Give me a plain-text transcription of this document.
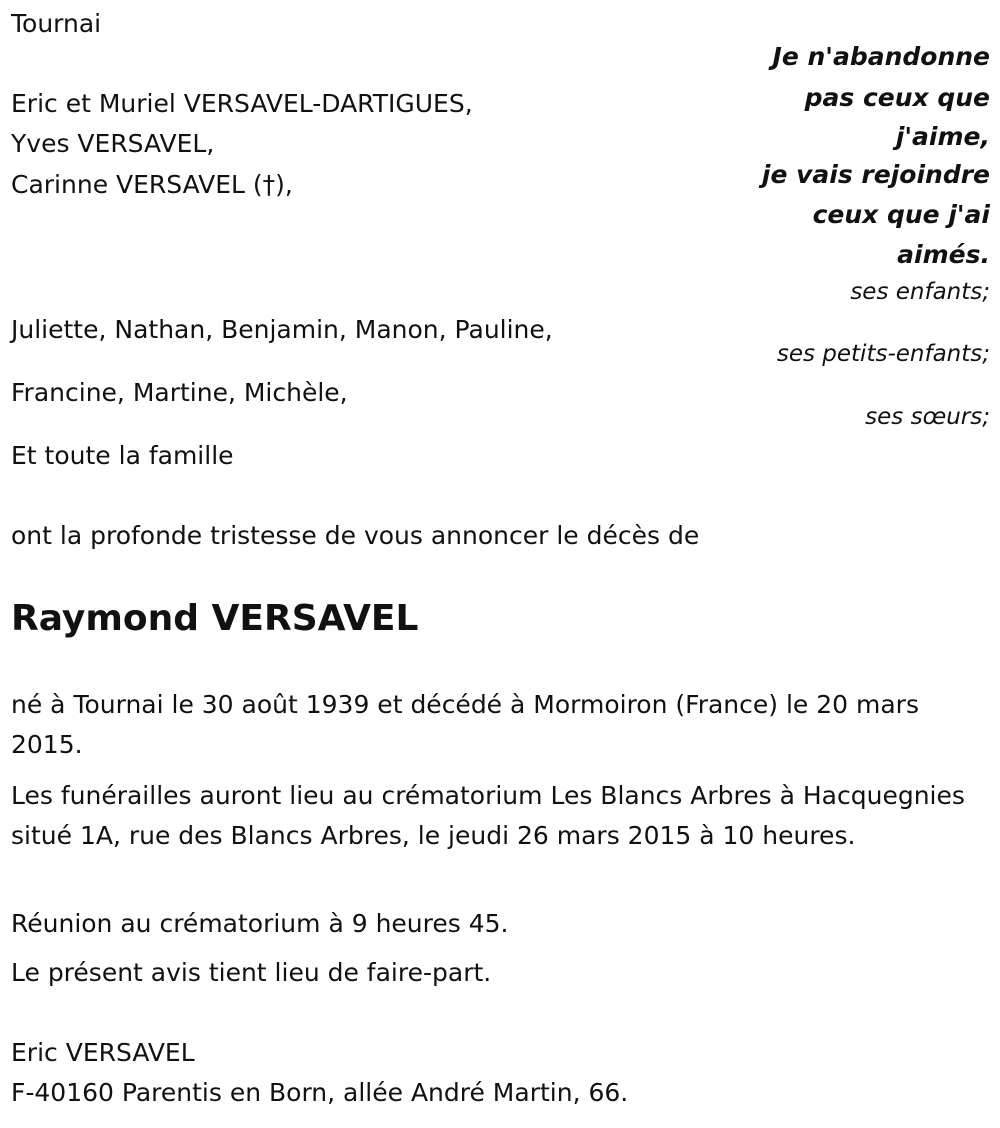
Tournai
Je n'abandonne
pas ceux que
j'aime,
je vais rejoindre
ceux que j'ai
aimés.
Eric et Muriel VERSAVEL-DARTIGUES,
Yves VERSAVEL,
Carinne VERSAVEL (†),
ses enfants;
Juliette, Nathan, Benjamin, Manon, Pauline,
ses petits-enfants;
Francine, Martine, Michèle,
ses sœurs;
Et toute la famille
ont la profonde tristesse de vous annoncer le décès de
Raymond VERSAVEL
né à Tournai le 30 août 1939 et décédé à Mormoiron (France) le 20 mars 2015.
Les funérailles auront lieu au crématorium Les Blancs Arbres à Hacquegnies situé 1A, rue des Blancs Arbres, le jeudi 26 mars 2015 à 10 heures.
Réunion au crématorium à 9 heures 45.
Le présent avis tient lieu de faire-part.
Eric VERSAVEL
F-40160 Parentis en Born, allée André Martin, 66.
